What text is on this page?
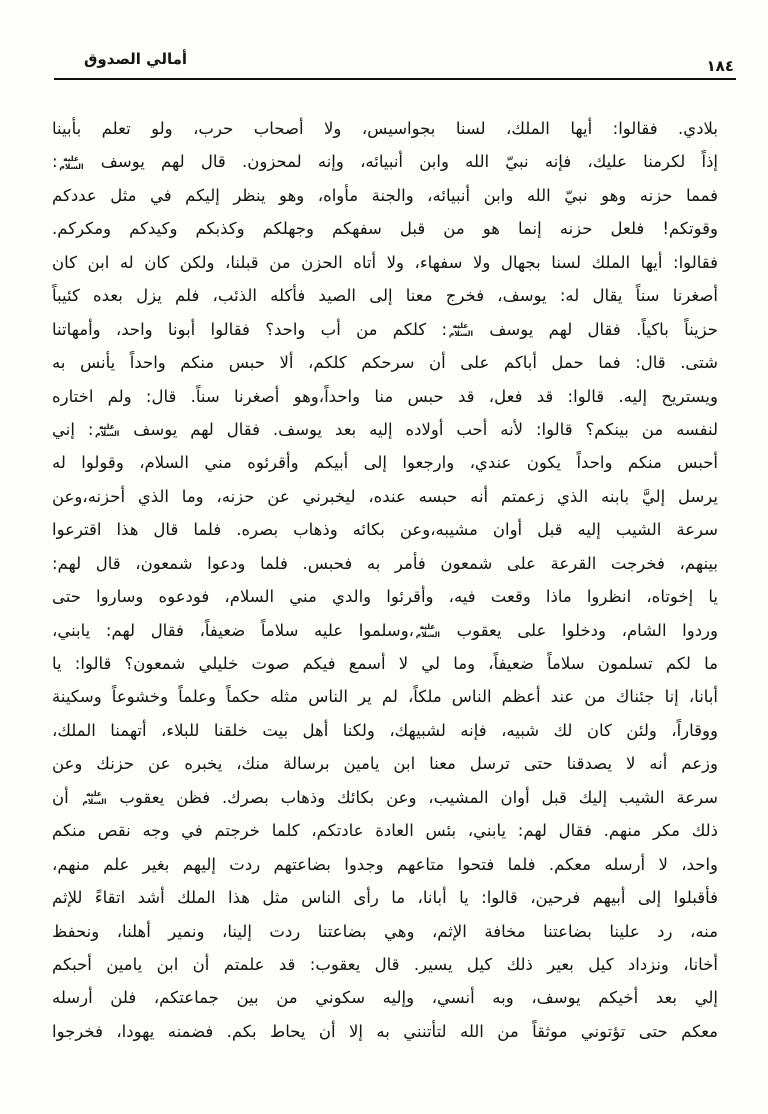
أمالي الصدوق	١٨٤
بلادي. فقالوا: أيها الملك، لسنا بجواسيس، ولا أصحاب حرب، ولو تعلم بأبينا
إذاً لكرمنا عليك، فإنه نبيّ الله وابن أنبيائه، وإنه لمحزون. قال لهم يوسف عليه السلام:
فمما حزنه وهو نبيّ الله وابن أنبيائه، والجنة مأواه، وهو ينظر إليكم في مثل عددكم
وقوتكم! فلعل حزنه إنما هو من قبل سفهكم وجهلكم وكذبكم وكيدكم ومكركم.
فقالوا: أيها الملك لسنا بجهال ولا سفهاء، ولا أتاه الحزن من قبلنا، ولكن كان له ابن كان
أصغرنا سناً يقال له: يوسف، فخرج معنا إلى الصيد فأكله الذئب، فلم يزل بعده كئيباً
حزيناً باكياً. فقال لهم يوسف عليه السلام: كلكم من أب واحد؟ فقالوا أبونا واحد، وأمهاتنا
شتى. قال: فما حمل أباكم على أن سرحكم كلكم، ألا حبس منكم واحداً يأنس به
ويستريح إليه. قالوا: قد فعل، قد حبس منا واحداً،وهو أصغرنا سناً. قال: ولم اختاره
لنفسه من بينكم؟ قالوا: لأنه أحب أولاده إليه بعد يوسف. فقال لهم يوسف عليه السلام: إني
أحبس منكم واحداً يكون عندي، وارجعوا إلى أبيكم وأقرئوه مني السلام، وقولوا له
يرسل إليَّ بابنه الذي زعمتم أنه حبسه عنده، ليخبرني عن حزنه، وما الذي أحزنه،وعن
سرعة الشيب إليه قبل أوان مشيبه،وعن بكائه وذهاب بصره. فلما قال هذا اقترعوا
بينهم، فخرجت القرعة على شمعون فأمر به فحبس. فلما ودعوا شمعون، قال لهم:
يا إخوتاه، انظروا ماذا وقعت فيه، وأقرئوا والدي مني السلام، فودعوه وساروا حتى
وردوا الشام، ودخلوا على يعقوب عليه السلام،وسلموا عليه سلاماً ضعيفاً، فقال لهم: يابني،
ما لكم تسلمون سلاماً ضعيفاً، وما لي لا أسمع فيكم صوت خليلي شمعون؟ قالوا: يا
أبانا، إنا جئناك من عند أعظم الناس ملكاً، لم ير الناس مثله حكماً وعلماً وخشوعاً وسكينة
ووقاراً، ولئن كان لك شبيه، فإنه لشبيهك، ولكنا أهل بيت خلقنا للبلاء، أتهمنا الملك،
وزعم أنه لا يصدقنا حتى ترسل معنا ابن يامين برسالة منك، يخبره عن حزنك وعن
سرعة الشيب إليك قبل أوان المشيب، وعن بكائك وذهاب بصرك. فظن يعقوب عليه السلام أن
ذلك مكر منهم. فقال لهم: يابني، بئس العادة عادتكم، كلما خرجتم في وجه نقص منكم
واحد، لا أرسله معكم. فلما فتحوا متاعهم وجدوا بضاعتهم ردت إليهم بغير علم منهم،
فأقبلوا إلى أبيهم فرحين، قالوا: يا أبانا، ما رأى الناس مثل هذا الملك أشد اتقاءً للإثم
منه، رد علينا بضاعتنا مخافة الإثم، وهي بضاعتنا ردت إلينا، ونمير أهلنا، ونحفظ
أخانا، ونزداد كيل بعير ذلك كيل يسير. قال يعقوب: قد علمتم أن ابن يامين أحبكم
إلي بعد أخيكم يوسف، وبه أنسي، وإليه سكوني من بين جماعتكم، فلن أرسله
معكم حتى تؤتوني موثقاً من الله لتأتنني به إلا أن يحاط بكم. فضمنه يهودا، فخرجوا
